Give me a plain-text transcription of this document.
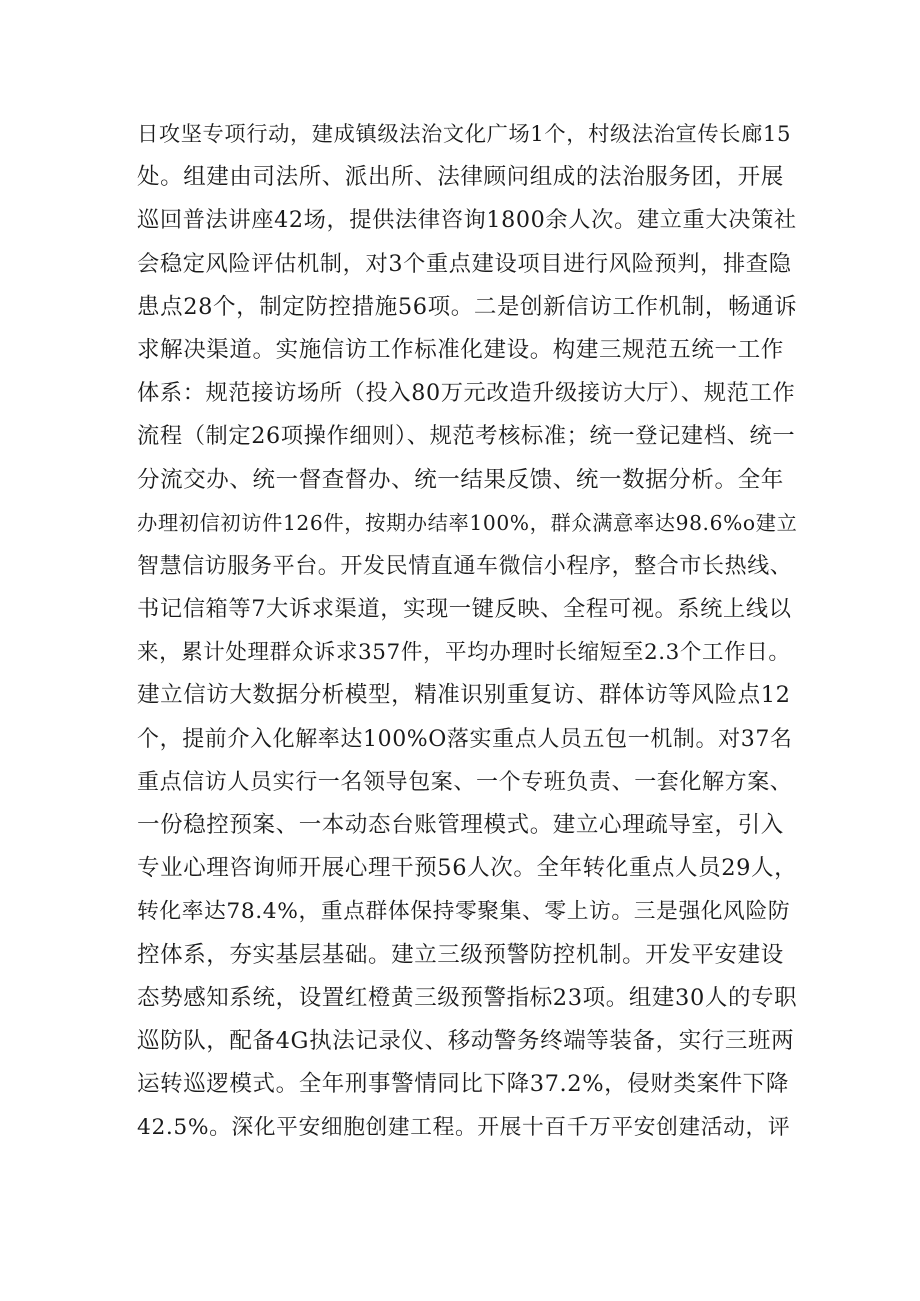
日攻坚专项行动，建成镇级法治文化广场1个，村级法治宣传长廊15
处。组建由司法所、派出所、法律顾问组成的法治服务团，开展
巡回普法讲座42场，提供法律咨询1800余人次。建立重大决策社
会稳定风险评估机制，对3个重点建设项目进行风险预判，排查隐
患点28个，制定防控措施56项。二是创新信访工作机制，畅通诉
求解决渠道。实施信访工作标准化建设。构建三规范五统一工作
体系：规范接访场所（投入80万元改造升级接访大厅）、规范工作
流程（制定26项操作细则）、规范考核标准；统一登记建档、统一
分流交办、统一督查督办、统一结果反馈、统一数据分析。全年
办理初信初访件126件，按期办结率100%，群众满意率达98.6%o建立
智慧信访服务平台。开发民情直通车微信小程序，整合市长热线、
书记信箱等7大诉求渠道，实现一键反映、全程可视。系统上线以
来，累计处理群众诉求357件，平均办理时长缩短至2.3个工作日。
建立信访大数据分析模型，精准识别重复访、群体访等风险点12
个，提前介入化解率达100%O落实重点人员五包一机制。对37名
重点信访人员实行一名领导包案、一个专班负责、一套化解方案、
一份稳控预案、一本动态台账管理模式。建立心理疏导室，引入
专业心理咨询师开展心理干预56人次。全年转化重点人员29人，
转化率达78.4%，重点群体保持零聚集、零上访。三是强化风险防
控体系，夯实基层基础。建立三级预警防控机制。开发平安建设
态势感知系统，设置红橙黄三级预警指标23项。组建30人的专职
巡防队，配备4G执法记录仪、移动警务终端等装备，实行三班两
运转巡逻模式。全年刑事警情同比下降37.2%，侵财类案件下降
42.5%。深化平安细胞创建工程。开展十百千万平安创建活动，评
